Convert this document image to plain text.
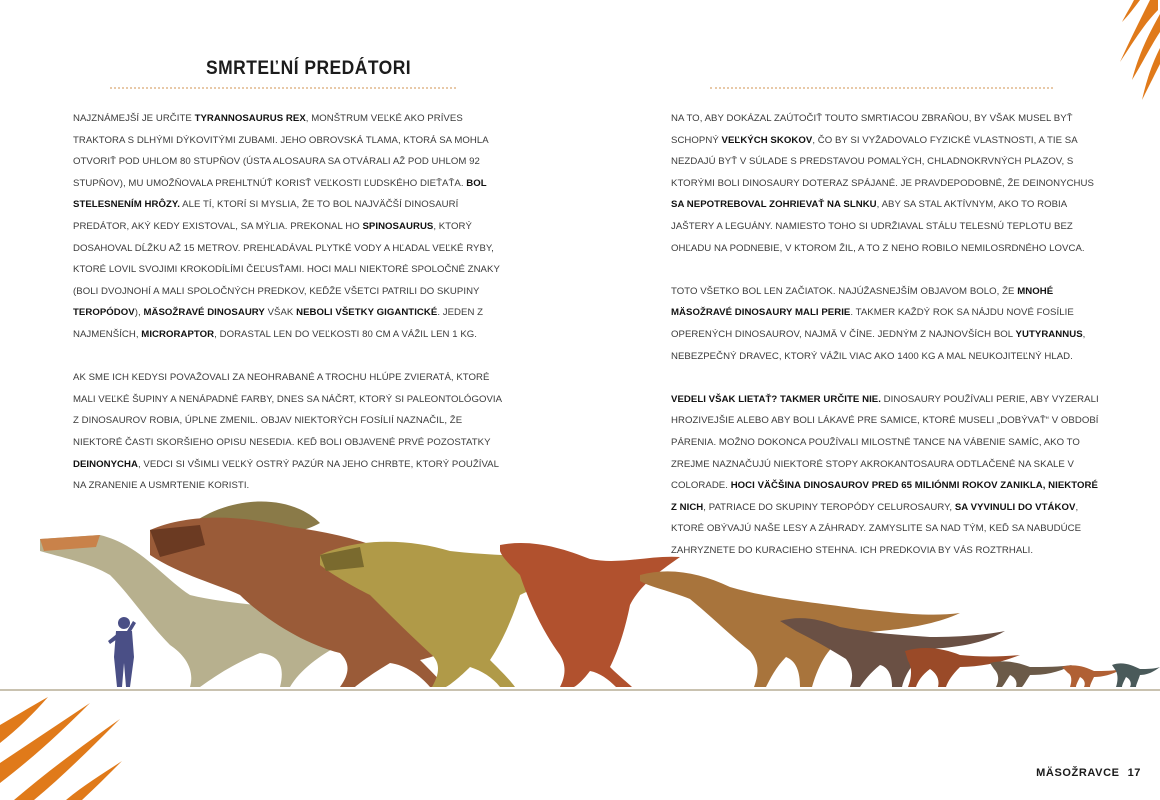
SMRTEĽNÍ PREDÁTORI

NAJZNÁMEJŠÍ JE URČITE TYRANNOSAURUS REX, MONŠTRUM VEĽKÉ AKO PRÍVES TRAKTORA S DLHÝMI DÝKOVITÝMI ZUBAMI. JEHO OBROVSKÁ TLAMA, KTORÁ SA MOHLA OTVORIŤ POD UHLOM 80 STUPŇOV (ÚSTA ALOSAURA SA OTVÁRALI AŽ POD UHLOM 92 STUPŇOV), MU UMOŽŇOVALA PREHLTNÚŤ KORISŤ VEĽKOSTI ĽUDSKÉHO DIEŤAŤA. BOL STELESNENÍM HRÔZY. ALE TÍ, KTORÍ SI MYSLIA, ŽE TO BOL NAJVÄČŠÍ DINOSAURÍ PREDÁTOR, AKÝ KEDY EXISTOVAL, SA MÝLIA. PREKONAL HO SPINOSAURUS, KTORÝ DOSAHOVAL DĹŽKU AŽ 15 METROV. PREHĽADÁVAL PLYTKÉ VODY A HĽADAL VEĽKÉ RYBY, KTORÉ LOVIL SVOJIMI KROKODÍLÍMI ČEĽUSŤAMI. HOCI MALI NIEKTORÉ SPOLOČNÉ ZNAKY (BOLI DVOJNOHÍ A MALI SPOLOČNÝCH PREDKOV, KEĎŽE VŠETCI PATRILI DO SKUPINY TEROPÓDOV), MÄSOŽRAVÉ DINOSAURY VŠAK NEBOLI VŠETKY GIGANTICKÉ. JEDEN Z NAJMENŠÍCH, MICRORAPTOR, DORASTAL LEN DO VEĽKOSTI 80 CM A VÁŽIL LEN 1 KG.

AK SME ICH KEDYSI POVAŽOVALI ZA NEOHRABANÉ A TROCHU HLÚPE ZVIERATÁ, KTORÉ MALI VEĽKÉ ŠUPINY A NENÁPADNÉ FARBY, DNES SA NÁČRT, KTORÝ SI PALEONTOLÓGOVIA Z DINOSAUROV ROBIA, ÚPLNE ZMENIL. OBJAV NIEKTORÝCH FOSÍLIÍ NAZNAČIL, ŽE NIEKTORÉ ČASTI SKORŠIEHO OPISU NESEDIA. KEĎ BOLI OBJAVENÉ PRVÉ POZOSTATKY DEINONYCHA, VEDCI SI VŠIMLI VEĽKÝ OSTRÝ PAZÚR NA JEHO CHRBTE, KTORÝ POUŽÍVAL NA ZRANENIE A USMRTENIE KORISTI.

NA TO, ABY DOKÁZAL ZAÚTOČIŤ TOUTO SMRTIACOU ZBRAŇOU, BY VŠAK MUSEL BYŤ SCHOPNÝ VEĽKÝCH SKOKOV, ČO BY SI VYŽADOVALO FYZICKÉ VLASTNOSTI, A TIE SA NEZDAJÚ BYŤ V SÚLADE S PREDSTAVOU POMALÝCH, CHLADNOKRVNÝCH PLAZOV, S KTORÝMI BOLI DINOSAURY DOTERAZ SPÁJANÉ. JE PRAVDEPODOBNÉ, ŽE DEINONYCHUS SA NEPOTREBOVAL ZOHRIEVAŤ NA SLNKU, ABY SA STAL AKTÍVNYM, AKO TO ROBIA JAŠTERY A LEGUÁNY. NAMIESTO TOHO SI UDRŽIAVAL STÁLU TELESNÚ TEPLOTU BEZ OHĽADU NA PODNEBIE, V KTOROM ŽIL, A TO Z NEHO ROBILO NEMILOSRDNÉHO LOVCA.

TOTO VŠETKO BOL LEN ZAČIATOK. NAJÚŽASNEJŠÍM OBJAVOM BOLO, ŽE MNOHÉ MÄSOŽRAVÉ DINOSAURY MALI PERIE. TAKMER KAŽDÝ ROK SA NÁJDU NOVÉ FOSÍLIE OPERENÝCH DINOSAUROV, NAJMÄ V ČÍNE. JEDNÝM Z NAJNOVŠÍCH BOL YUTYRANNUS, NEBEZPEČNÝ DRAVEC, KTORÝ VÁŽIL VIAC AKO 1400 KG A MAL NEUKOJITEĽNÝ HLAD.

VEDELI VŠAK LIETAŤ? TAKMER URČITE NIE. DINOSAURY POUŽÍVALI PERIE, ABY VYZERALI HROZIVEJŠIE ALEBO ABY BOLI LÁKAVÉ PRE SAMICE, KTORÉ MUSELI „DOBÝVAŤ“ V OBDOBÍ PÁRENIA. MOŽNO DOKONCA POUŽÍVALI MILOSTNÉ TANCE NA VÁBENIE SAMÍC, AKO TO ZREJME NAZNAČUJÚ NIEKTORÉ STOPY AKROKANTOSAURA ODTLAČENÉ NA SKALE V COLORADE. HOCI VÄČŠINA DINOSAUROV PRED 65 MILIÓNMI ROKOV ZANIKLA, NIEKTORÉ Z NICH, PATRIACE DO SKUPINY TEROPÓDY CELUROSAURY, SA VYVINULI DO VTÁKOV, KTORÉ OBÝVAJÚ NAŠE LESY A ZÁHRADY. ZAMYSLITE SA NAD TÝM, KEĎ SA NABUDÚCE ZAHRYZNETE DO KURACIEHO STEHNA. ICH PREDKOVIA BY VÁS ROZTRHALI.

MÄSOŽRAVCE 17
